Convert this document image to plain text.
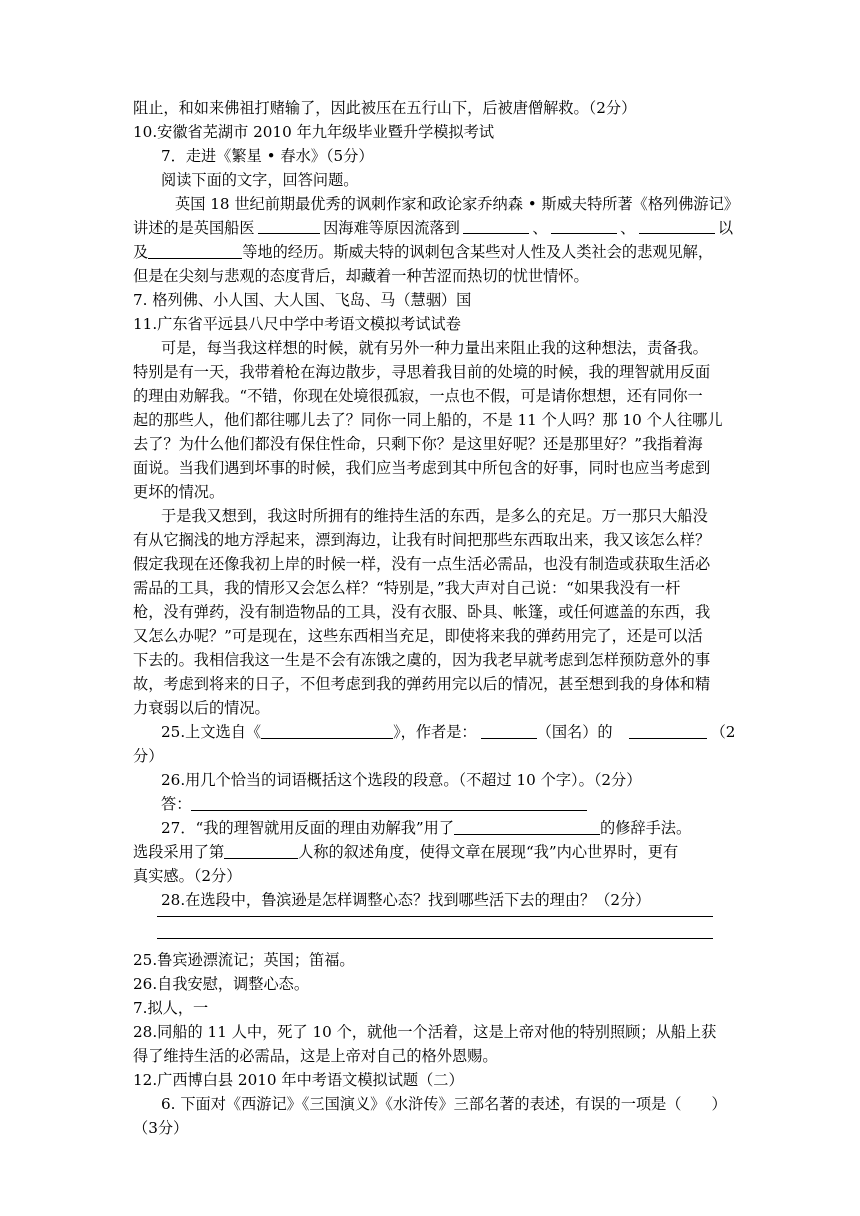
阻止，和如来佛祖打赌输了，因此被压在五行山下，后被唐僧解救。（2分）
10.安徽省芜湖市 2010 年九年级毕业暨升学模拟考试
7．走进《繁星 • 春水》（5分）
阅读下面的文字，回答问题。
英国 18 世纪前期最优秀的讽刺作家和政论家乔纳森 • 斯威夫特所著《格列佛游记》
讲述的是英国船医	因海难等原因流落到	、	、	以
及	等地的经历。斯威夫特的讽刺包含某些对人性及人类社会的悲观见解，
但是在尖刻与悲观的态度背后，却藏着一种苦涩而热切的忧世情怀。
7. 格列佛、小人国、大人国、飞岛、马（慧骃）国
11.广东省平远县八尺中学中考语文模拟考试试卷
可是，每当我这样想的时候，就有另外一种力量出来阻止我的这种想法，责备我。
特别是有一天，我带着枪在海边散步，寻思着我目前的处境的时候，我的理智就用反面
的理由劝解我。“不错，你现在处境很孤寂，一点也不假，可是请你想想，还有同你一
起的那些人，他们都往哪儿去了？同你一同上船的，不是 11 个人吗？那 10 个人往哪儿
去了？为什么他们都没有保住性命，只剩下你？是这里好呢？还是那里好？”我指着海
面说。当我们遇到坏事的时候，我们应当考虑到其中所包含的好事，同时也应当考虑到
更坏的情况。
于是我又想到，我这时所拥有的维持生活的东西，是多么的充足。万一那只大船没
有从它搁浅的地方浮起来，漂到海边，让我有时间把那些东西取出来，我又该怎么样？
假定我现在还像我初上岸的时候一样，没有一点生活必需品，也没有制造或获取生活必
需品的工具，我的情形又会怎么样？“特别是，”我大声对自己说：“如果我没有一杆
枪，没有弹药，没有制造物品的工具，没有衣服、卧具、帐篷，或任何遮盖的东西，我
又怎么办呢？”可是现在，这些东西相当充足，即使将来我的弹药用完了，还是可以活
下去的。我相信我这一生是不会有冻饿之虞的，因为我老早就考虑到怎样预防意外的事
故，考虑到将来的日子，不但考虑到我的弹药用完以后的情况，甚至想到我的身体和精
力衰弱以后的情况。
25.上文选自《	》，作者是：	（国名）的	（2
分）
26.用几个恰当的词语概括这个选段的段意。（不超过 10 个字）。（2分）
答：
27．“我的理智就用反面的理由劝解我”用了	的修辞手法。
选段采用了第	人称的叙述角度，使得文章在展现“我”内心世界时，更有
真实感。（2分）
28.在选段中，鲁滨逊是怎样调整心态？找到哪些活下去的理由？（2分）
25.鲁宾逊漂流记；英国；笛福。
26.自我安慰，调整心态。
7.拟人，一
28.同船的 11 人中，死了 10 个，就他一个活着，这是上帝对他的特别照顾；从船上获
得了维持生活的必需品，这是上帝对自己的格外恩赐。
12.广西博白县 2010 年中考语文模拟试题（二）
6. 下面对《西游记》《三国演义》《水浒传》三部名著的表述，有误的一项是（ ）
（3分）
